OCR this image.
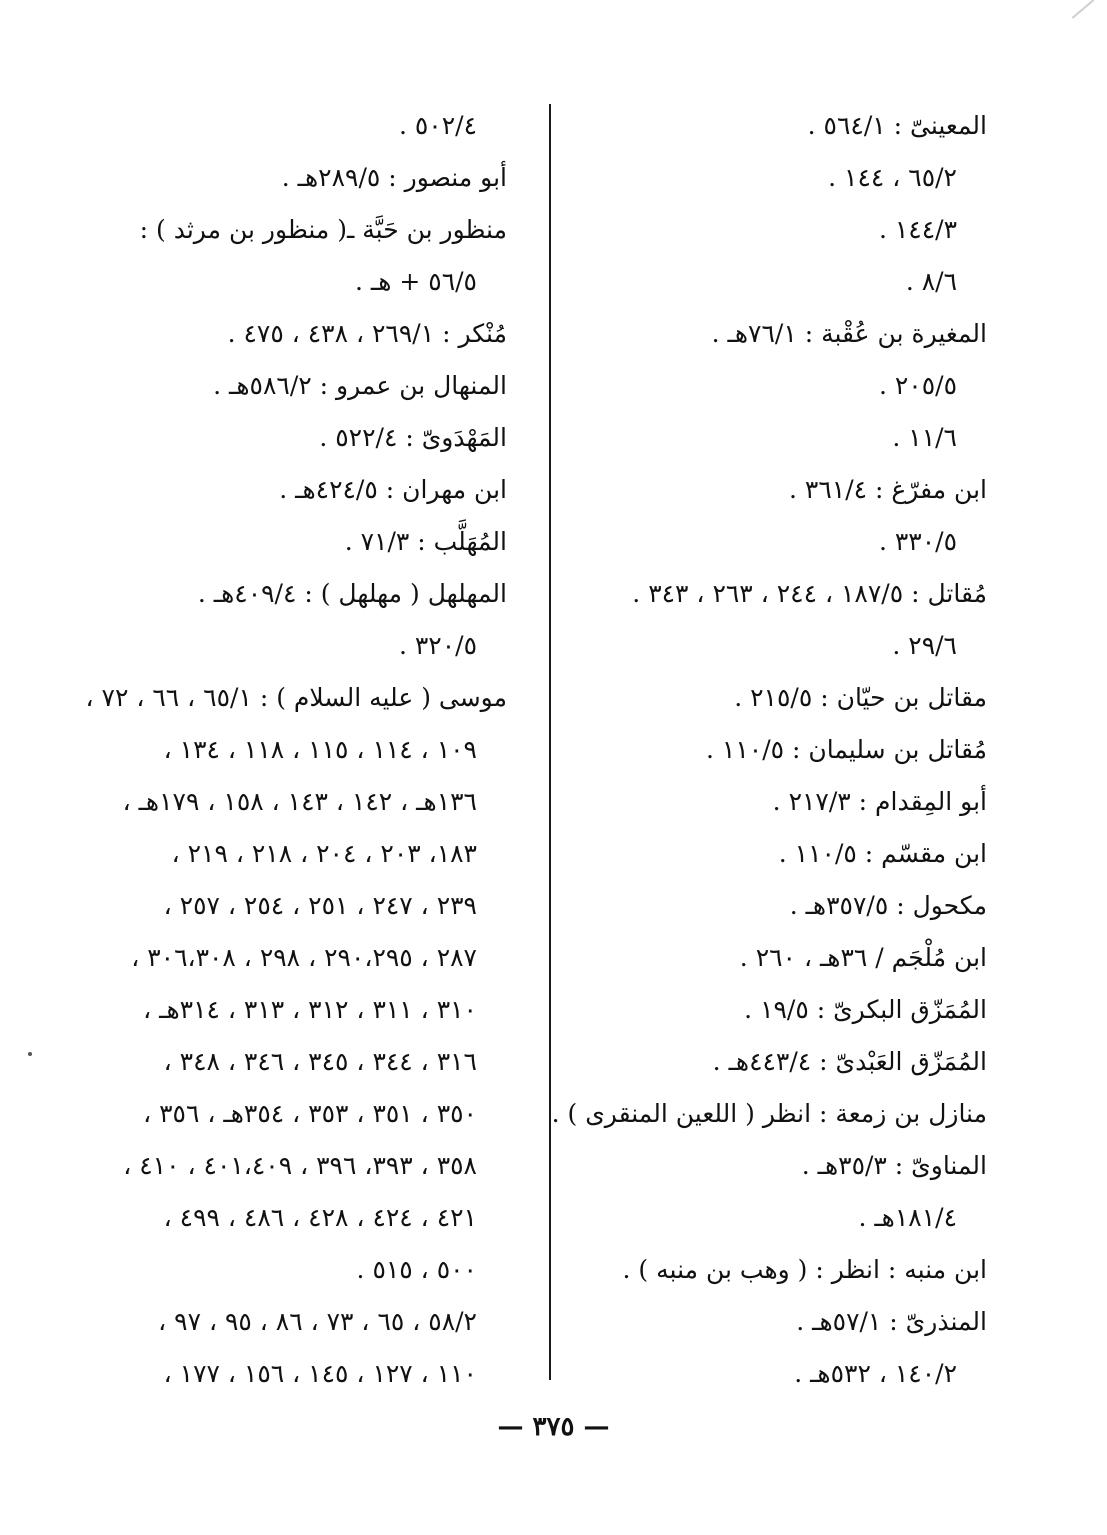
المعينىّ : ٥٦٤/١ .
٦٥/٢ ، ١٤٤ .
١٤٤/٣ .
٨/٦ .
المغيرة بن عُقْبة : ٧٦/١هـ .
٢٠٥/٥ .
١١/٦ .
ابن مفرّغ : ٣٦١/٤ .
٣٣٠/٥ .
مُقاتل : ١٨٧/٥ ، ٢٤٤ ، ٢٦٣ ، ٣٤٣ .
٢٩/٦ .
مقاتل بن حيّان : ٢١٥/٥ .
مُقاتل بن سليمان : ١١٠/٥ .
أبو المِقدام : ٢١٧/٣ .
ابن مقسّم : ١١٠/٥ .
مكحول : ٣٥٧/٥هـ .
ابن مُلْجَم / ٣٦هـ ، ٢٦٠ .
المُمَزّق البكرىّ : ١٩/٥ .
المُمَزّق العَبْدىّ : ٤٤٣/٤هـ .
منازل بن زمعة : انظر ( اللعين المنقرى ) .
المناوىّ : ٣٥/٣هـ .
١٨١/٤هـ .
ابن منبه : انظر : ( وهب بن منبه ) .
المنذرىّ : ٥٧/١هـ .
١٤٠/٢ ، ٥٣٢هـ .
٥٠٢/٤ .
أبو منصور : ٢٨٩/٥هـ .
منظور بن حَبَّة ـ( منظور بن مرثد ) :
٥٦/٥ + هـ .
مُنْكر : ٢٦٩/١ ، ٤٣٨ ، ٤٧٥ .
المنهال بن عمرو : ٥٨٦/٢هـ .
المَهْدَوىّ : ٥٢٢/٤ .
ابن مهران : ٤٢٤/٥هـ .
المُهَلَّب : ٧١/٣ .
المهلهل ( مهلهل ) : ٤٠٩/٤هـ .
٣٢٠/٥ .
موسى ( عليه السلام ) : ٦٥/١ ، ٦٦ ، ٧٢ ،
١٠٩ ، ١١٤ ، ١١٥ ، ١١٨ ، ١٣٤ ،
١٣٦هـ ، ١٤٢ ، ١٤٣ ، ١٥٨ ، ١٧٩هـ ،
١٨٣، ٢٠٣ ، ٢٠٤ ، ٢١٨ ، ٢١٩ ،
٢٣٩ ، ٢٤٧ ، ٢٥١ ، ٢٥٤ ، ٢٥٧ ،
٢٨٧ ، ٢٩٠،٢٩٥ ، ٢٩٨ ، ٣٠٦،٣٠٨ ،
٣١٠ ، ٣١١ ، ٣١٢ ، ٣١٣ ، ٣١٤هـ ،
٣١٦ ، ٣٤٤ ، ٣٤٥ ، ٣٤٦ ، ٣٤٨ ،
٣٥٠ ، ٣٥١ ، ٣٥٣ ، ٣٥٤هـ ، ٣٥٦ ،
٣٥٨ ، ٣٩٣، ٣٩٦ ، ٤٠١،٤٠٩ ، ٤١٠ ،
٤٢١ ، ٤٢٤ ، ٤٢٨ ، ٤٨٦ ، ٤٩٩ ،
٥٠٠ ، ٥١٥ .
٥٨/٢ ، ٦٥ ، ٧٣ ، ٨٦ ، ٩٥ ، ٩٧ ،
١١٠ ، ١٢٧ ، ١٤٥ ، ١٥٦ ، ١٧٧ ،
— ٣٧٥ —
